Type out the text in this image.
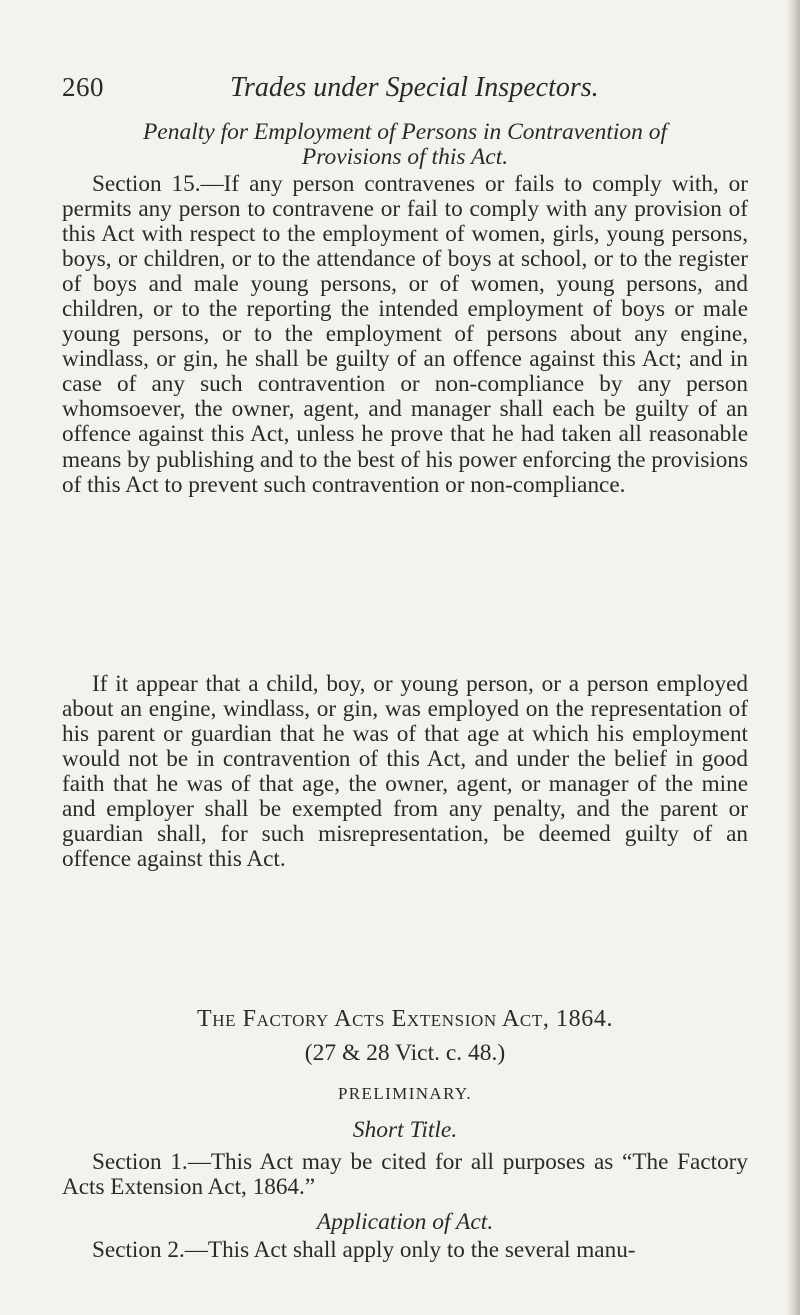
260	Trades under Special Inspectors.
Penalty for Employment of Persons in Contravention of
Provisions of this Act.
Section 15.—If any person contravenes or fails to comply with, or permits any person to contravene or fail to comply with any provision of this Act with respect to the employment of women, girls, young persons, boys, or children, or to the attendance of boys at school, or to the register of boys and male young persons, or of women, young persons, and children, or to the reporting the intended employment of boys or male young persons, or to the employment of persons about any engine, windlass, or gin, he shall be guilty of an offence against this Act; and in case of any such contravention or non-compliance by any person whomsoever, the owner, agent, and manager shall each be guilty of an offence against this Act, unless he prove that he had taken all reasonable means by publishing and to the best of his power enforcing the provisions of this Act to prevent such contravention or non-compliance.
If it appear that a child, boy, or young person, or a person employed about an engine, windlass, or gin, was employed on the representation of his parent or guardian that he was of that age at which his employment would not be in contravention of this Act, and under the belief in good faith that he was of that age, the owner, agent, or manager of the mine and employer shall be exempted from any penalty, and the parent or guardian shall, for such misrepresentation, be deemed guilty of an offence against this Act.
The Factory Acts Extension Act, 1864.
(27 & 28 Vict. c. 48.)
PRELIMINARY.
Short Title.
Section 1.—This Act may be cited for all purposes as “The Factory Acts Extension Act, 1864.”
Application of Act.
Section 2.—This Act shall apply only to the several manu-
